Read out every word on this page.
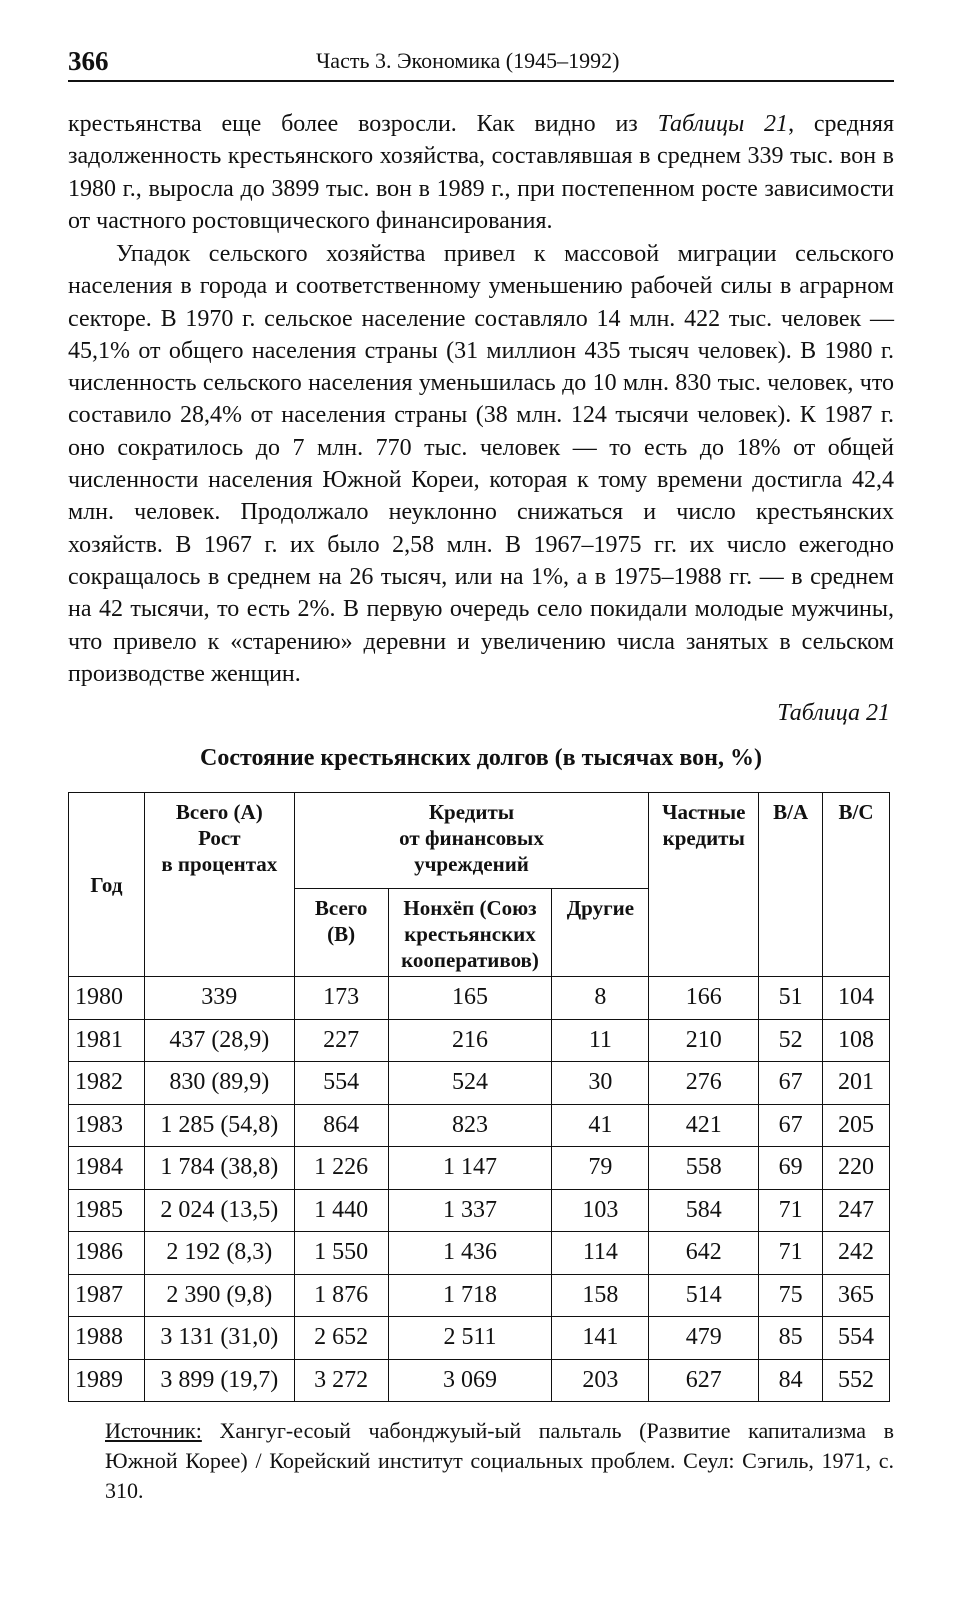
366	Часть 3. Экономика (1945–1992)

крестьянства еще более возросли. Как видно из Таблицы 21, средняя задолженность крестьянского хозяйства, составлявшая в среднем 339 тыс. вон в 1980 г., выросла до 3899 тыс. вон в 1989 г., при постепенном росте зависимости от частного ростовщического финансирования.

Упадок сельского хозяйства привел к массовой миграции сельского населения в города и соответственному уменьшению рабочей силы в аграрном секторе. В 1970 г. сельское население составляло 14 млн. 422 тыс. человек — 45,1% от общего населения страны (31 миллион 435 тысяч человек). В 1980 г. численность сельского населения уменьшилась до 10 млн. 830 тыс. человек, что составило 28,4% от населения страны (38 млн. 124 тысячи человек). К 1987 г. оно сократилось до 7 млн. 770 тыс. человек — то есть до 18% от общей численности населения Южной Кореи, которая к тому времени достигла 42,4 млн. человек. Продолжало неуклонно снижаться и число крестьянских хозяйств. В 1967 г. их было 2,58 млн. В 1967–1975 гг. их число ежегодно сокращалось в среднем на 26 тысяч, или на 1%, а в 1975–1988 гг. — в среднем на 42 тысячи, то есть 2%. В первую очередь село покидали молодые мужчины, что привело к «старению» деревни и увеличению числа занятых в сельском производстве женщин.

Таблица 21
Состояние крестьянских долгов (в тысячах вон, %)
Год	Всего (А)
Рост
в процентах	Кредиты
от финансовых
учреждений			Частные
кредиты	В/А	В/С
		Всего
(В)	Нонхёп (Союз
крестьянских
кооперативов)	Другие			
1980	339	173	165	8	166	51	104
1981	437 (28,9)	227	216	11	210	52	108
1982	830 (89,9)	554	524	30	276	67	201
1983	1 285 (54,8)	864	823	41	421	67	205
1984	1 784 (38,8)	1 226	1 147	79	558	69	220
1985	2 024 (13,5)	1 440	1 337	103	584	71	247
1986	2 192 (8,3)	1 550	1 436	114	642	71	242
1987	2 390 (9,8)	1 876	1 718	158	514	75	365
1988	3 131 (31,0)	2 652	2 511	141	479	85	554
1989	3 899 (19,7)	3 272	3 069	203	627	84	552
Источник: Хангуг-есоый чабонджуый-ый пальталь (Развитие капитализма в Южной Корее) / Корейский институт социальных проблем. Сеул: Сэгиль, 1971, с. 310.
